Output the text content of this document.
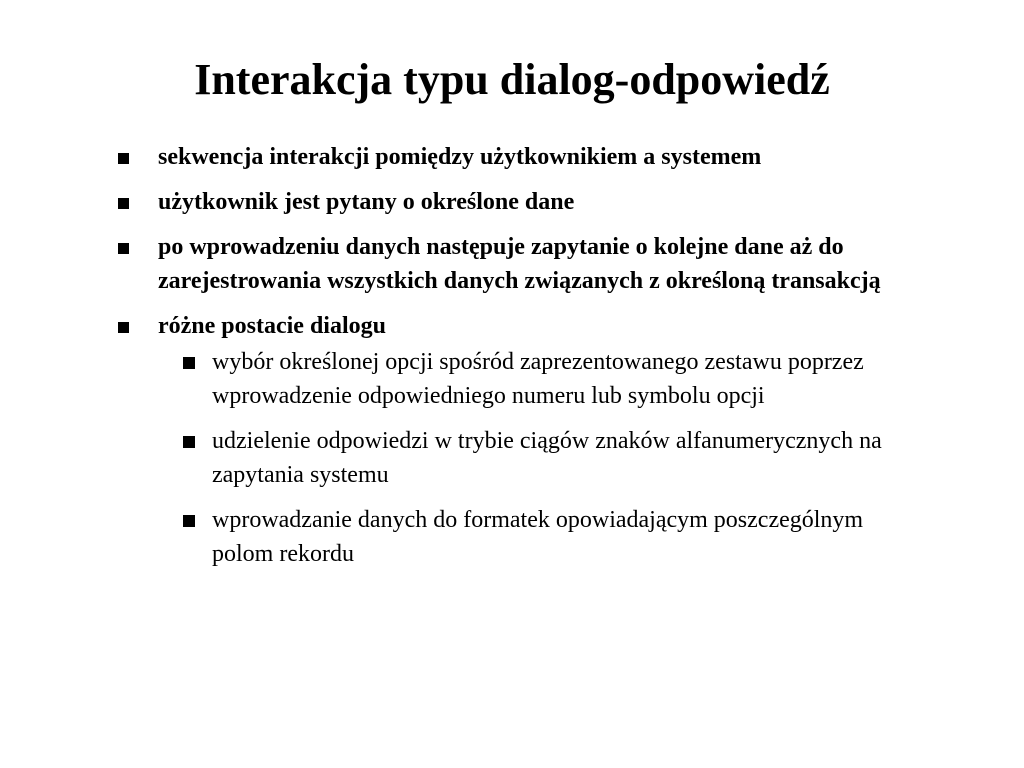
Interakcja typu dialog-odpowiedź
sekwencja interakcji pomiędzy użytkownikiem a systemem
użytkownik jest pytany o określone dane
po wprowadzeniu danych następuje zapytanie o kolejne dane aż do zarejestrowania wszystkich danych związanych z określoną transakcją
różne postacie dialogu
wybór określonej opcji spośród zaprezentowanego zestawu poprzez wprowadzenie odpowiedniego numeru lub symbolu opcji
udzielenie odpowiedzi w trybie ciągów znaków alfanumerycznych na zapytania systemu
wprowadzanie danych do formatek opowiadającym poszczególnym polom rekordu
